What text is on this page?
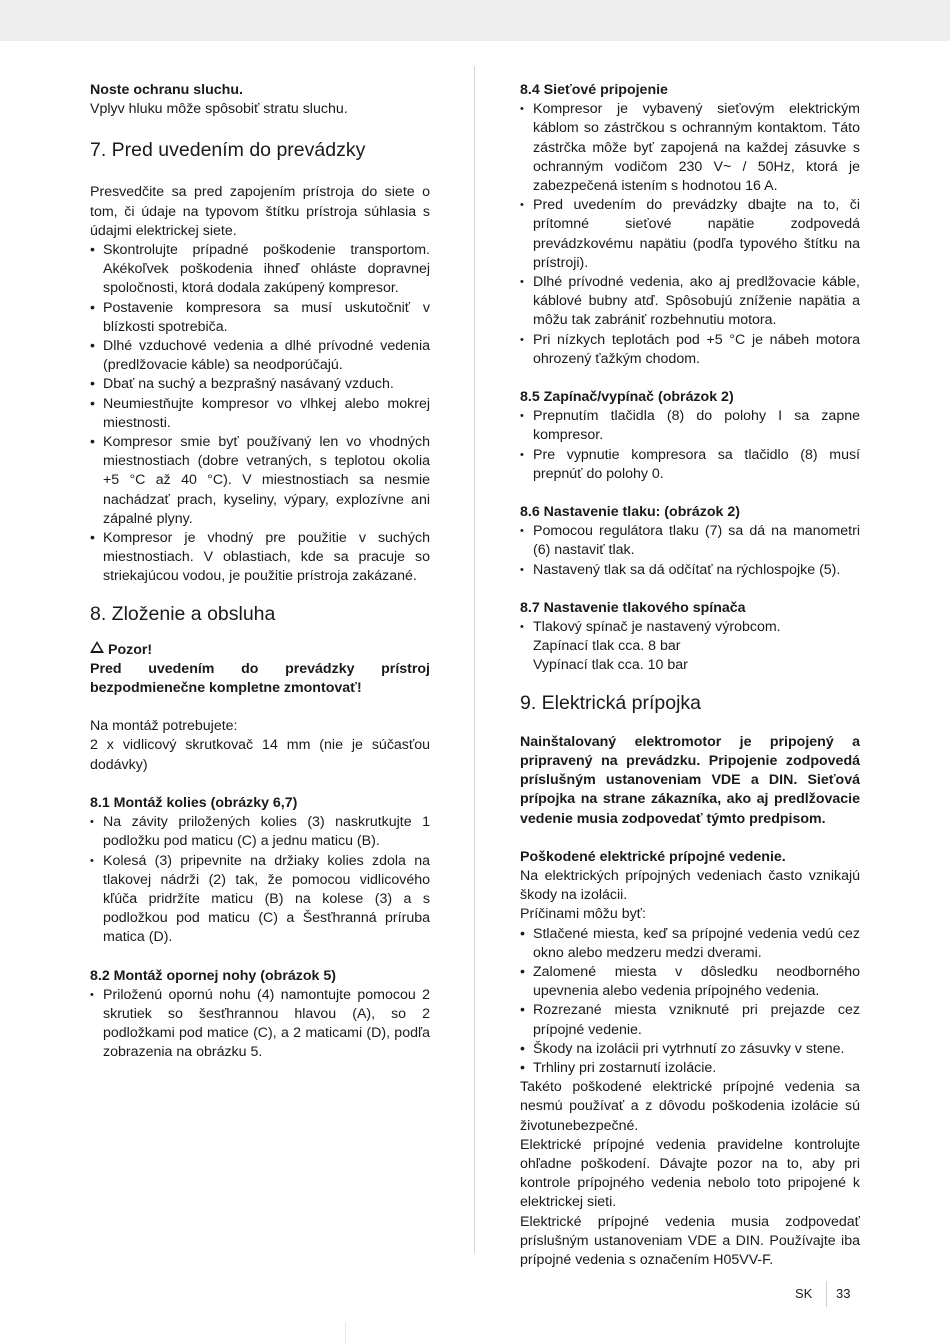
Noste ochranu sluchu.

Vplyv hluku môže spôsobiť stratu sluchu.

7. Pred uvedením do prevádzky

Presvedčite sa pred zapojením prístroja do siete o tom, či údaje na typovom štítku prístroja súhlasia s údajmi elektrickej siete.

• Skontrolujte prípadné poškodenie transportom. Akékoľvek poškodenia ihneď ohláste dopravnej spoločnosti, ktorá dodala zakúpený kompresor.
• Postavenie kompresora sa musí uskutočniť v blízkosti spotrebiča.
• Dlhé vzduchové vedenia a dlhé prívodné vedenia (predlžovacie káble) sa neodporúčajú.
• Dbať na suchý a bezprašný nasávaný vzduch.
• Neumiestňujte kompresor vo vlhkej alebo mokrej miestnosti.
• Kompresor smie byť používaný len vo vhodných miestnostiach (dobre vetraných, s teplotou okolia +5 °C až 40 °C). V miestnostiach sa nesmie nachádzať prach, kyseliny, výpary, explozívne ani zápalné plyny.
• Kompresor je vhodný pre použitie v suchých miestnostiach. V oblastiach, kde sa pracuje so striekajúcou vodou, je použitie prístroja zakázané.
8. Zloženie a obsluha

Pozor!

Pred uvedením do prevádzky prístroj bezpodmienečne kompletne zmontovať!

Na montáž potrebujete:

2 x vidlicový skrutkovač 14 mm (nie je súčasťou dodávky)

8.1 Montáž kolies (obrázky 6,7)

• Na závity priložených kolies (3) naskrutkujte 1 podložku pod maticu (C) a jednu maticu (B).
• Kolesá (3) pripevnite na držiaky kolies zdola na tlakovej nádrži (2) tak, že pomocou vidlicového kľúča pridržíte maticu (B) na kolese (3) a s podložkou pod maticu (C) a Šesťhranná príruba matica (D).

8.2 Montáž opornej nohy (obrázok 5)

• Priloženú opornú nohu (4) namontujte pomocou 2 skrutiek so šesťhrannou hlavou (A), so 2 podložkami pod matice (C), a 2 maticami (D), podľa zobrazenia na obrázku 5.

8.4 Sieťové pripojenie

• Kompresor je vybavený sieťovým elektrickým káblom so zástrčkou s ochranným kontaktom. Táto zástrčka môže byť zapojená na každej zásuvke s ochranným vodičom 230 V~ / 50Hz, ktorá je zabezpečená istením s hodnotou 16 A.
• Pred uvedením do prevádzky dbajte na to, či prítomné sieťové napätie zodpovedá prevádzkovému napätiu (podľa typového štítku na prístroji).
• Dlhé prívodné vedenia, ako aj predlžovacie káble, káblové bubny atď. Spôsobujú zníženie napätia a môžu tak zabrániť rozbehnutiu motora.
• Pri nízkych teplotách pod +5 °C je nábeh motora ohrozený ťažkým chodom.

8.5 Zapínač/vypínač (obrázok 2)

• Prepnutím tlačidla (8) do polohy I sa zapne kompresor.
• Pre vypnutie kompresora sa tlačidlo (8) musí prepnúť do polohy 0.

8.6 Nastavenie tlaku: (obrázok 2)

• Pomocou regulátora tlaku (7) sa dá na manometri (6) nastaviť tlak.
• Nastavený tlak sa dá odčítať na rýchlospojke (5).

8.7 Nastavenie tlakového spínača

• Tlakový spínač je nastavený výrobcom.
Zapínací tlak cca. 8 bar
Vypínací tlak cca. 10 bar
9. Elektrická prípojka

Nainštalovaný elektromotor je pripojený a pripravený na prevádzku. Pripojenie zodpovedá príslušným ustanoveniam VDE a DIN. Sieťová prípojka na strane zákazníka, ako aj predlžovacie vedenie musia zodpovedať týmto predpisom.

Poškodené elektrické prípojné vedenie.

Na elektrických prípojných vedeniach často vznikajú škody na izolácii.

Príčinami môžu byť:

• Stlačené miesta, keď sa prípojné vedenia vedú cez okno alebo medzeru medzi dverami.
• Zalomené miesta v dôsledku neodborného upevnenia alebo vedenia prípojného vedenia.
• Rozrezané miesta vzniknuté pri prejazde cez prípojné vedenie.
• Škody na izolácii pri vytrhnutí zo zásuvky v stene.
• Trhliny pri zostarnutí izolácie.

Takéto poškodené elektrické prípojné vedenia sa nesmú používať a z dôvodu poškodenia izolácie sú životunebezpečné.

Elektrické prípojné vedenia pravidelne kontrolujte ohľadne poškodení. Dávajte pozor na to, aby pri kontrole prípojného vedenia nebolo toto pripojené k elektrickej sieti.

Elektrické prípojné vedenia musia zodpovedať príslušným ustanoveniam VDE a DIN. Používajte iba prípojné vedenia s označením H05VV-F.

SK 33
